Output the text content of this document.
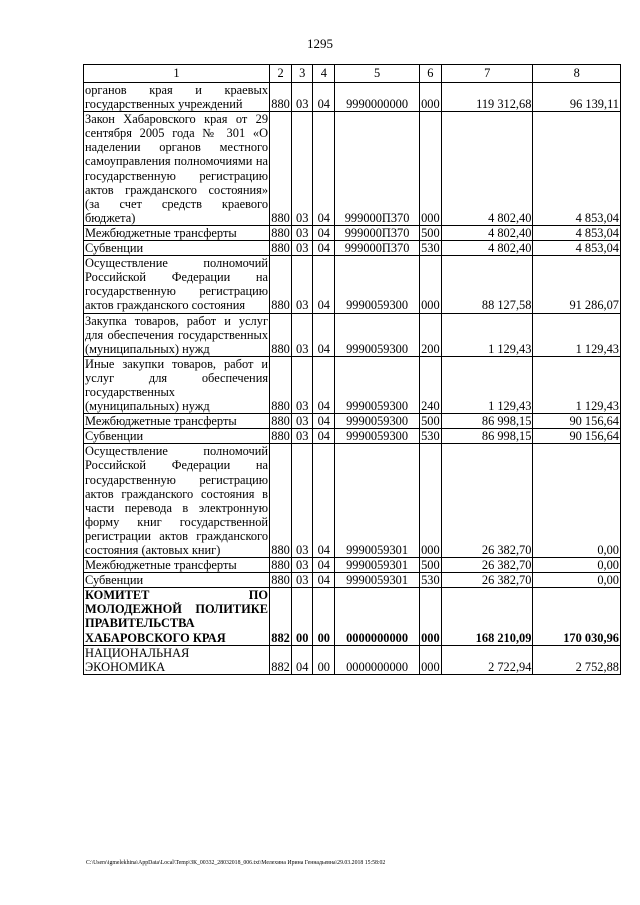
1295
1	2	3	4	5	6	7	8
органов края и краевых государственных учреждений	880	03	04	9990000000	000	119 312,68	96 139,11
Закон Хабаровского края от 29 сентября 2005 года № 301 «О наделении органов местного самоуправления полномочиями на государственную регистрацию актов гражданского состояния» (за счет средств краевого бюджета)	880	03	04	999000П370	000	4 802,40	4 853,04
Межбюджетные трансферты	880	03	04	999000П370	500	4 802,40	4 853,04
Субвенции	880	03	04	999000П370	530	4 802,40	4 853,04
Осуществление полномочий Российской Федерации на государственную регистрацию актов гражданского состояния	880	03	04	9990059300	000	88 127,58	91 286,07
Закупка товаров, работ и услуг для обеспечения государственных (муниципальных) нужд	880	03	04	9990059300	200	1 129,43	1 129,43
Иные закупки товаров, работ и услуг для обеспечения государственных (муниципальных) нужд	880	03	04	9990059300	240	1 129,43	1 129,43
Межбюджетные трансферты	880	03	04	9990059300	500	86 998,15	90 156,64
Субвенции	880	03	04	9990059300	530	86 998,15	90 156,64
Осуществление полномочий Российской Федерации на государственную регистрацию актов гражданского состояния в части перевода в электронную форму книг государственной регистрации актов гражданского состояния (актовых книг)	880	03	04	9990059301	000	26 382,70	0,00
Межбюджетные трансферты	880	03	04	9990059301	500	26 382,70	0,00
Субвенции	880	03	04	9990059301	530	26 382,70	0,00
КОМИТЕТ ПО МОЛОДЕЖНОЙ ПОЛИТИКЕ ПРАВИТЕЛЬСТВА ХАБАРОВСКОГО КРАЯ	882	00	00	0000000000	000	168 210,09	170 030,96
НАЦИОНАЛЬНАЯ ЭКОНОМИКА	882	04	00	0000000000	000	2 722,94	2 752,88
C:\Users\igmelekhina\AppData\Local\Temp\ЗК_00332_28032018_006.txt\Мелехина Ирина Геннадьевна\29.03.2018 15:58:02
